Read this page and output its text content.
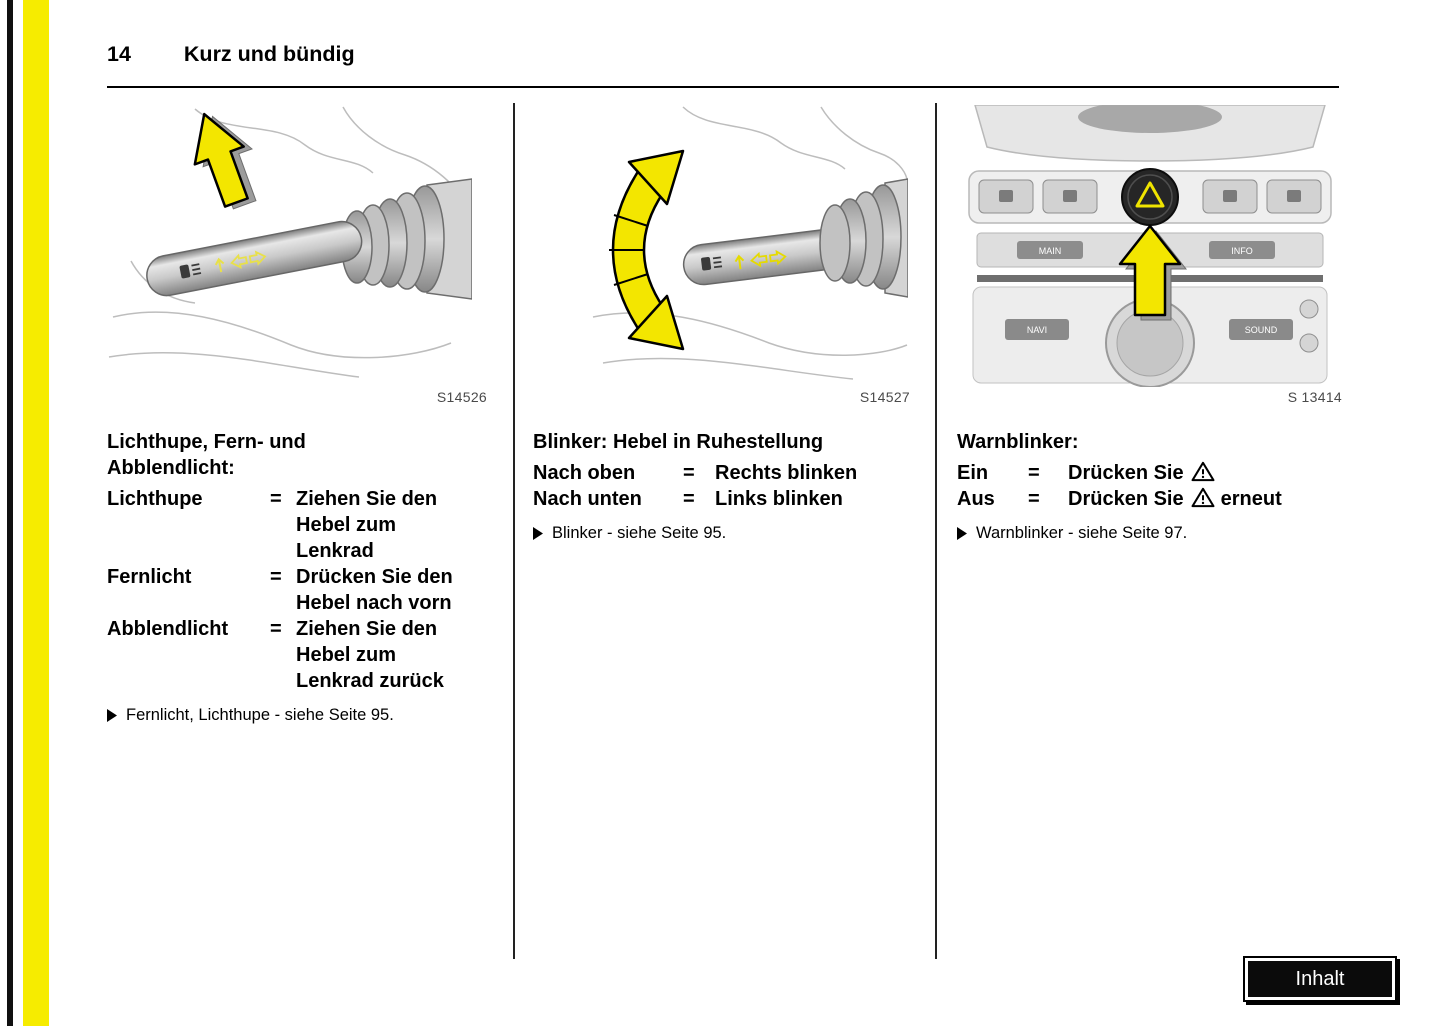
14 Kurz und bündig
S14526
Lichthupe, Fern- und
Abblendlicht:
Lichthupe	= Ziehen Sie den
Hebel zum
Lenkrad
Fernlicht	= Drücken Sie den
Hebel nach vorn
Abblendlicht	= Ziehen Sie den
Hebel zum
Lenkrad zurück
Fernlicht, Lichthupe - siehe Seite 95.
S14527
Blinker: Hebel in Ruhestellung
Nach oben	=	Rechts blinken
Nach unten	=	Links blinken
Blinker - siehe Seite 95.
MAIN	INFO
NAVI	SOUND
S 13414
Warnblinker:
Ein	=	Drücken Sie
Aus	=	Drücken Sie erneut
Warnblinker - siehe Seite 97.
Inhalt
